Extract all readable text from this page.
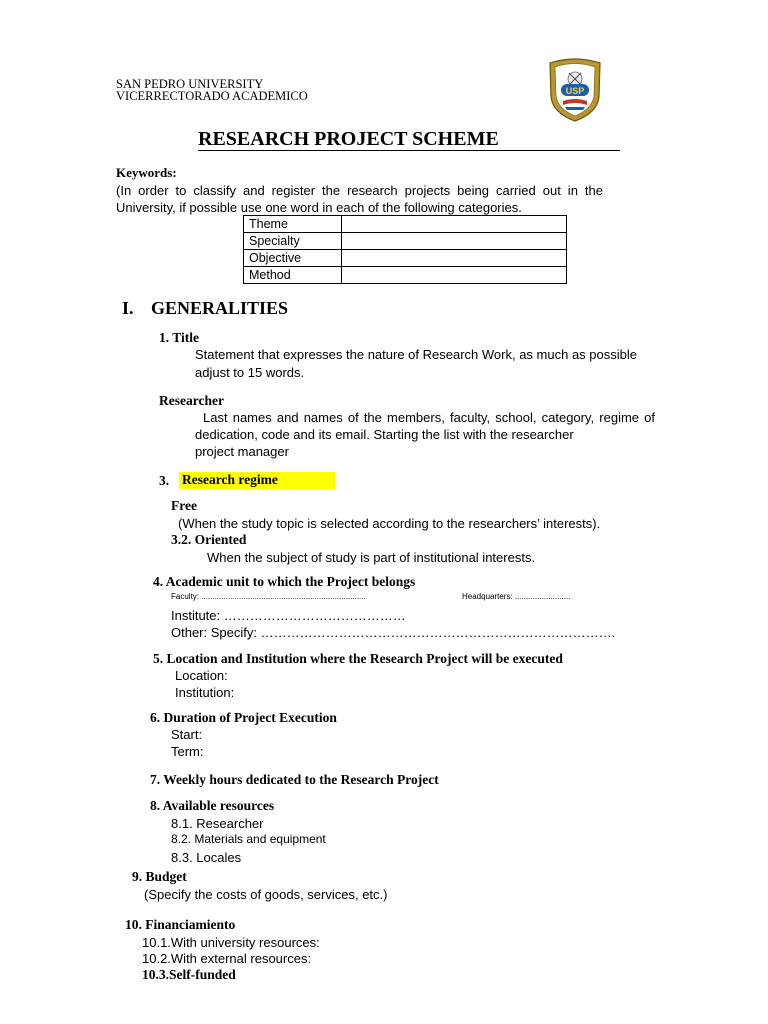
SAN PEDRO UNIVERSITY
VICERRECTORADO ACADEMICO	USP
RESEARCH PROJECT SCHEME
Keywords:
(In order to classify and register the research projects being carried out in the
University, if possible use one word in each of the following categories.
Theme	
Specialty	
Objective	
Method	
I. GENERALITIES
1. Title
Statement that expresses the nature of Research Work, as much as possible
adjust to 15 words.
Researcher
Last names and names of the members, faculty, school, category, regime of
dedication, code and its email. Starting the list with the researcher
project manager
3. Research regime
Free
(When the study topic is selected according to the researchers’ interests).
3.2. Oriented
When the subject of study is part of institutional interests.
4. Academic unit to which the Project belongs
Faculty: ..........................................................................	Headquarters: .........................
Institute: ……………………………………
Other: Specify: ……………………………………………………………………….
5. Location and Institution where the Research Project will be executed
Location:
Institution:
6. Duration of Project Execution
Start:
Term:
7. Weekly hours dedicated to the Research Project
8. Available resources
8.1. Researcher
8.2. Materials and equipment
8.3. Locales
9. Budget
(Specify the costs of goods, services, etc.)
10. Financiamiento
10.1.With university resources:
10.2.With external resources:
10.3.Self-funded
